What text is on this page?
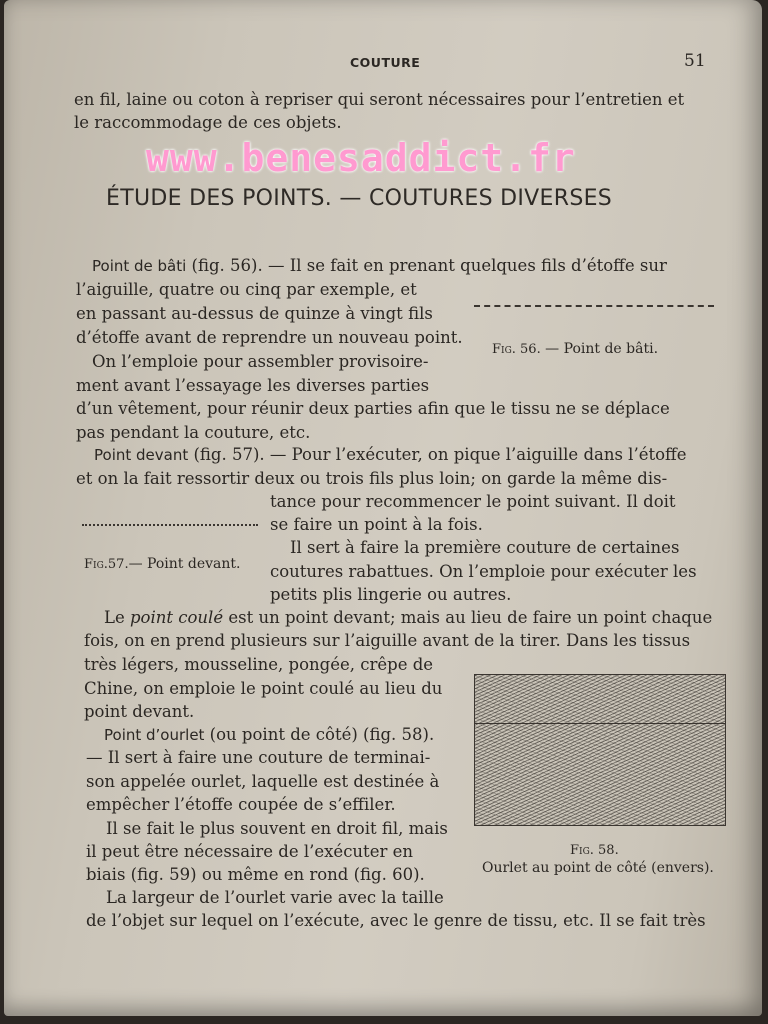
COUTURE	51
en fil, laine ou coton à repriser qui seront nécessaires pour l’entretien et
le raccommodage de ces objets.
www.benesaddict.fr
ÉTUDE DES POINTS. — COUTURES DIVERSES
Point de bâti (fig. 56). — Il se fait en prenant quelques fils d’étoffe sur
l’aiguille, quatre ou cinq par exemple, et
en passant au-dessus de quinze à vingt fils
d’étoffe avant de reprendre un nouveau point.
On l’emploie pour assembler provisoire-
ment avant l’essayage les diverses parties
d’un vêtement, pour réunir deux parties afin que le tissu ne se déplace
pas pendant la couture, etc.
Fig. 56. — Point de bâti.
Point devant (fig. 57). — Pour l’exécuter, on pique l’aiguille dans l’étoffe
et on la fait ressortir deux ou trois fils plus loin; on garde la même dis-
tance pour recommencer le point suivant. Il doit
se faire un point à la fois.
Il sert à faire la première couture de certaines
coutures rabattues. On l’emploie pour exécuter les
petits plis lingerie ou autres.
Fig.57.— Point devant.
Le point coulé est un point devant; mais au lieu de faire un point chaque
fois, on en prend plusieurs sur l’aiguille avant de la tirer. Dans les tissus
très légers, mousseline, pongée, crêpe de
Chine, on emploie le point coulé au lieu du
point devant.
Point d’ourlet (ou point de côté) (fig. 58).
— Il sert à faire une couture de terminai-
son appelée ourlet, laquelle est destinée à
empêcher l’étoffe coupée de s’effiler.
Il se fait le plus souvent en droit fil, mais
il peut être nécessaire de l’exécuter en
biais (fig. 59) ou même en rond (fig. 60).
La largeur de l’ourlet varie avec la taille
de l’objet sur lequel on l’exécute, avec le genre de tissu, etc. Il se fait très
Fig. 58.
Ourlet au point de côté (envers).
